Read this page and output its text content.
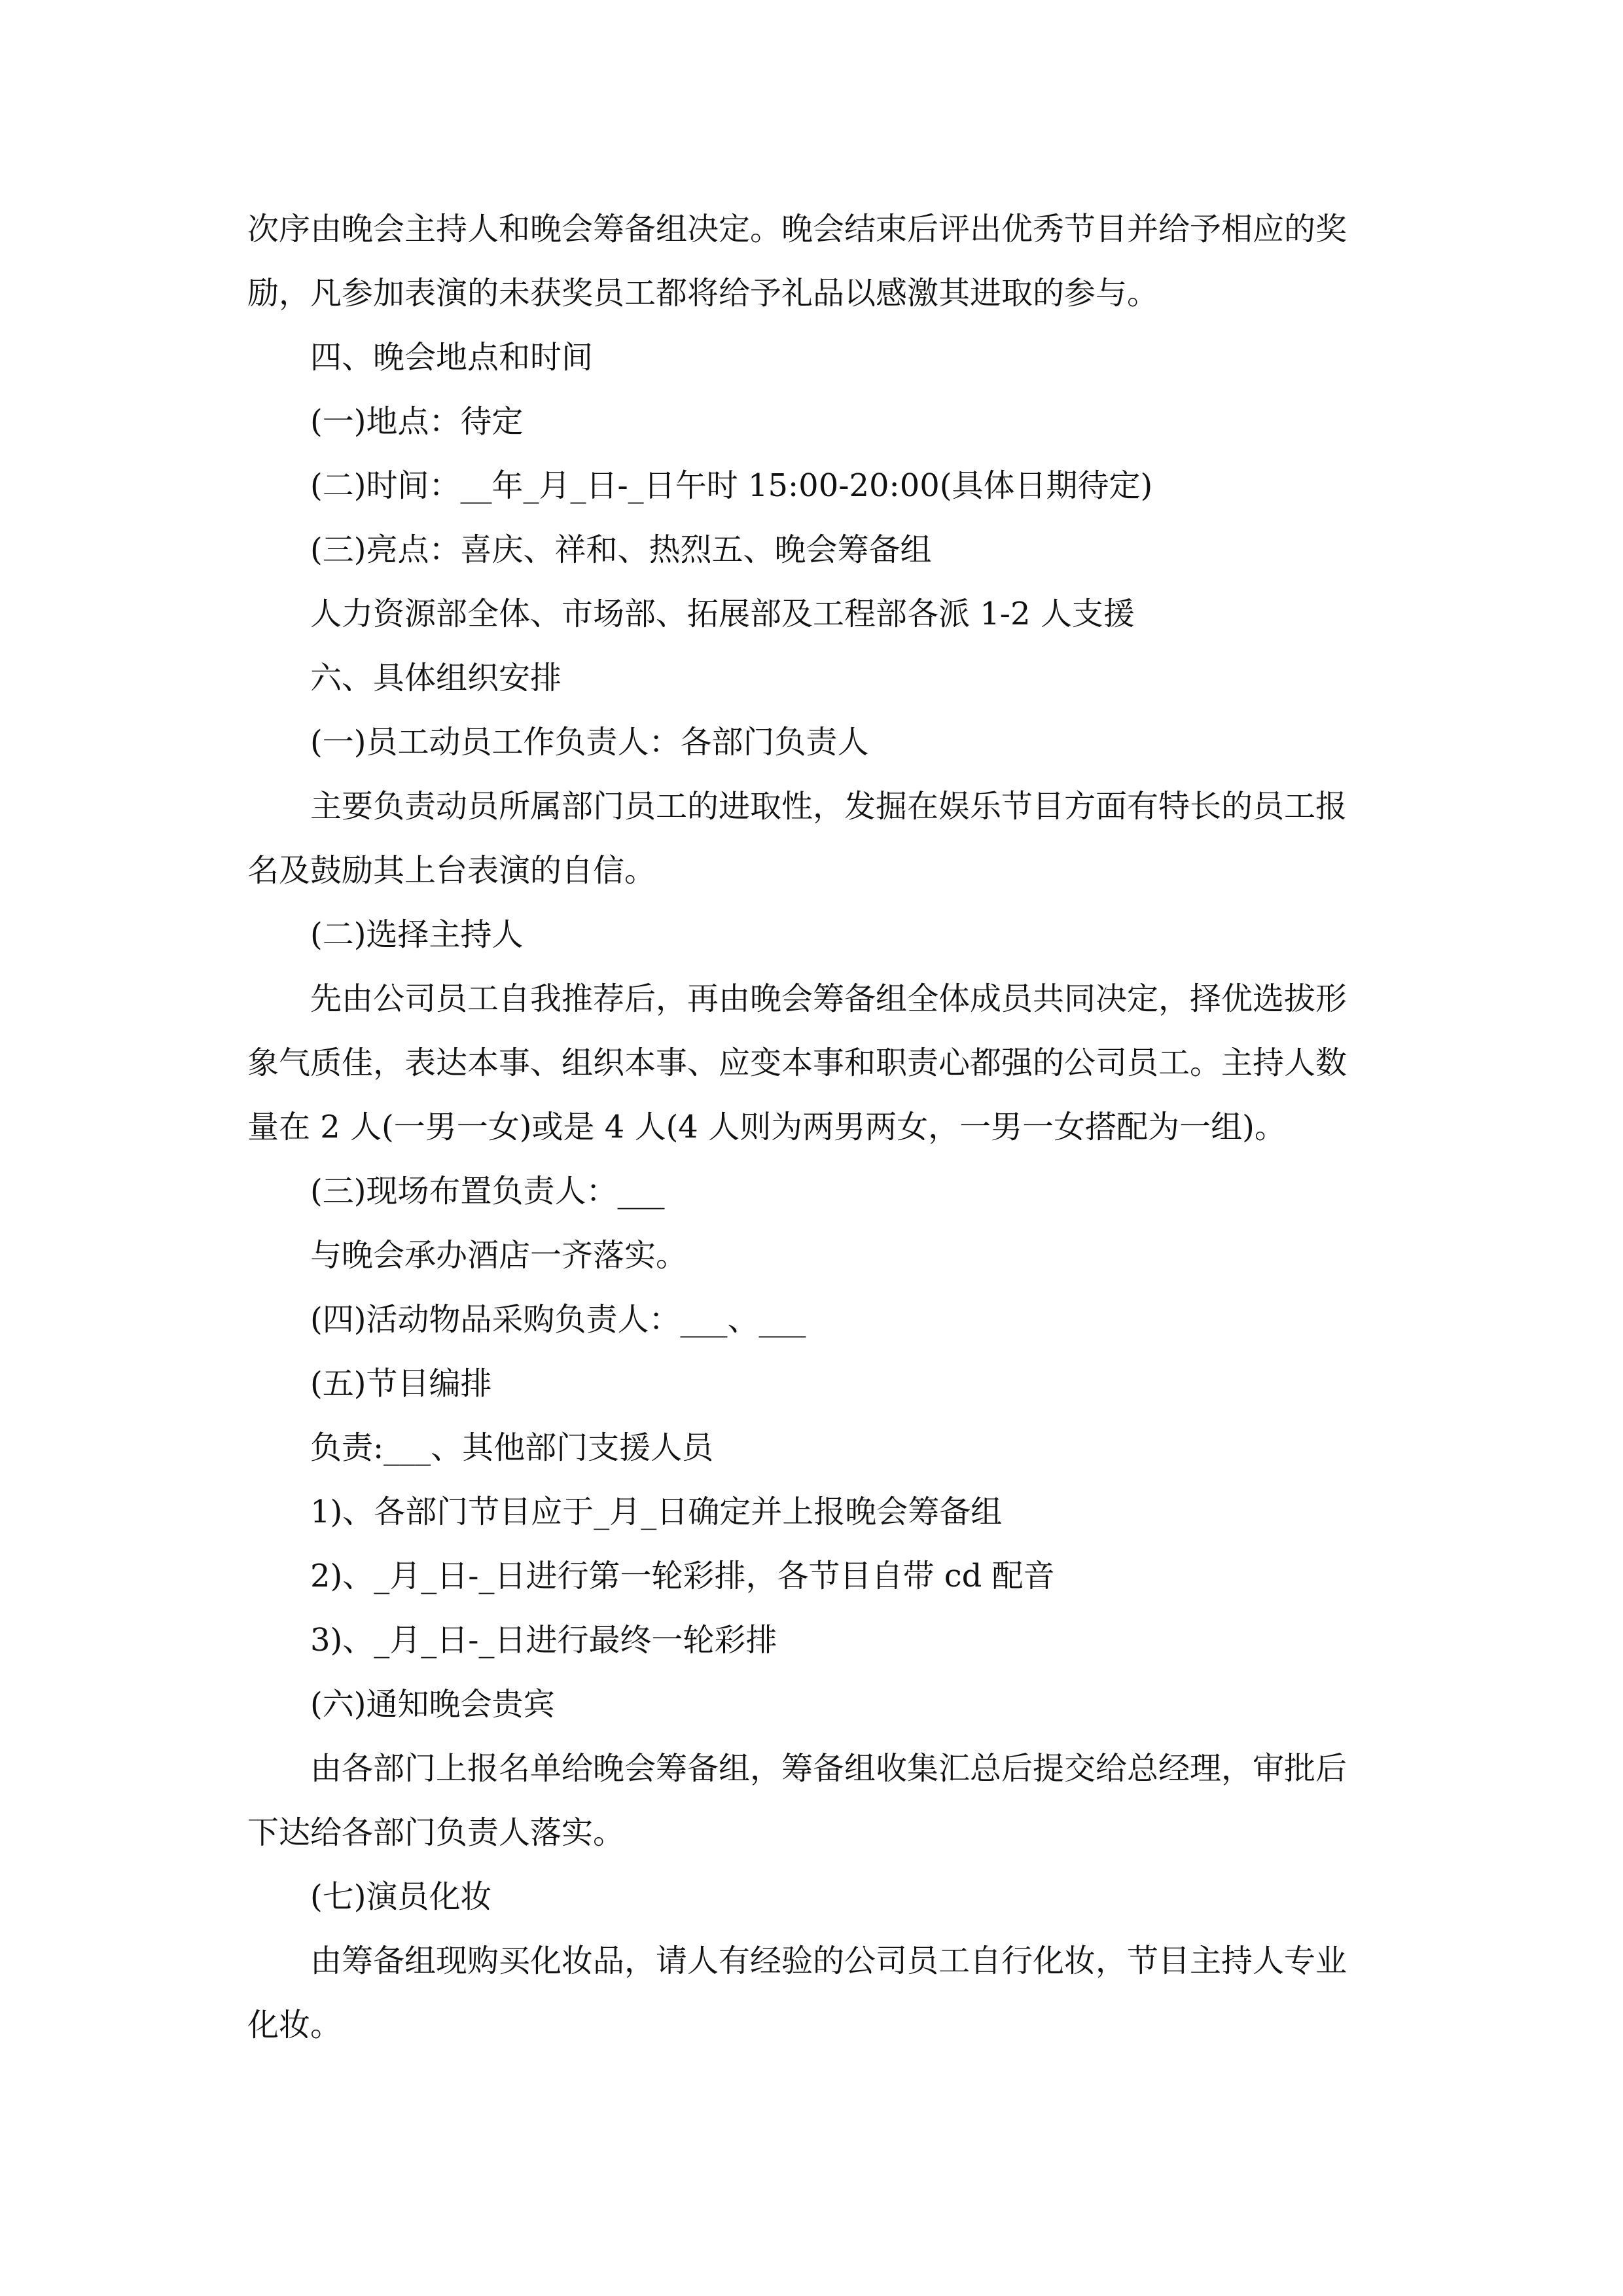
次序由晚会主持人和晚会筹备组决定。晚会结束后评出优秀节目并给予相应的奖

励，凡参加表演的未获奖员工都将给予礼品以感激其进取的参与。

四、晚会地点和时间

(一)地点：待定

(二)时间：__年_月_日-_日午时 15:00-20:00(具体日期待定)

(三)亮点：喜庆、祥和、热烈五、晚会筹备组

人力资源部全体、市场部、拓展部及工程部各派 1-2 人支援

六、具体组织安排

(一)员工动员工作负责人：各部门负责人

主要负责动员所属部门员工的进取性，发掘在娱乐节目方面有特长的员工报

名及鼓励其上台表演的自信。

(二)选择主持人

先由公司员工自我推荐后，再由晚会筹备组全体成员共同决定，择优选拔形

象气质佳，表达本事、组织本事、应变本事和职责心都强的公司员工。主持人数

量在 2 人(一男一女)或是 4 人(4 人则为两男两女，一男一女搭配为一组)。

(三)现场布置负责人：___

与晚会承办酒店一齐落实。

(四)活动物品采购负责人：___、___

(五)节目编排

负责:___、其他部门支援人员

1)、各部门节目应于_月_日确定并上报晚会筹备组

2)、_月_日-_日进行第一轮彩排，各节目自带 cd 配音

3)、_月_日-_日进行最终一轮彩排

(六)通知晚会贵宾

由各部门上报名单给晚会筹备组，筹备组收集汇总后提交给总经理，审批后

下达给各部门负责人落实。

(七)演员化妆

由筹备组现购买化妆品，请人有经验的公司员工自行化妆，节目主持人专业

化妆。
